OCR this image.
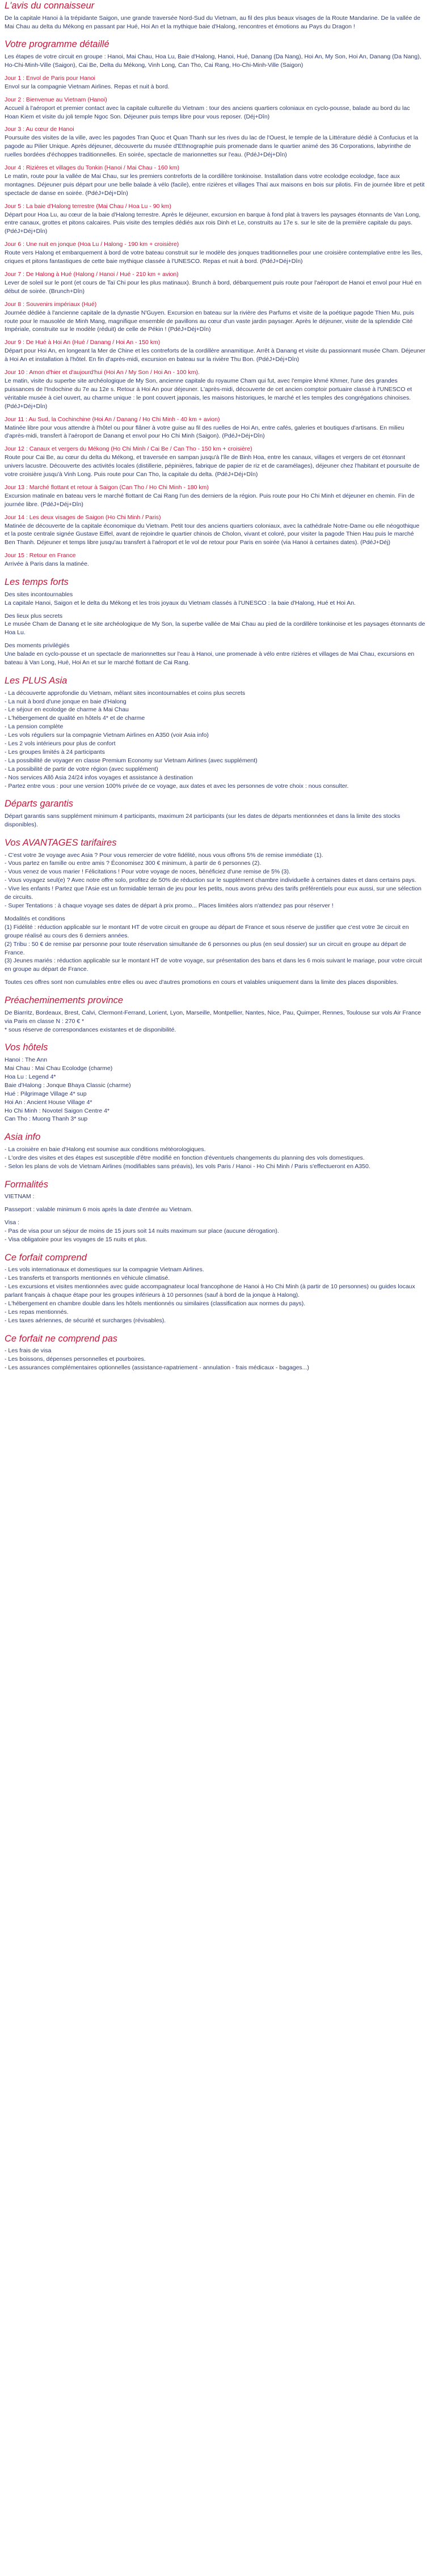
L'avis du connaisseur

De la capitale Hanoi à la trépidante Saigon, une grande traversée Nord-Sud du Vietnam, au fil des plus beaux visages de la Route Mandarine. De la vallée de Mai Chau au delta du Mékong en passant par Hué, Hoi An et la mythique baie d'Halong, rencontres et émotions au Pays du Dragon !

Votre programme détaillé

Les étapes de votre circuit en groupe : Hanoi, Mai Chau, Hoa Lu, Baie d'Halong, Hanoi, Hué, Danang (Da Nang), Hoi An, My Son, Hoi An, Danang (Da Nang), Ho-Chi-Minh-Ville (Saigon), Cai Be, Delta du Mékong, Vinh Long, Can Tho, Cai Rang, Ho-Chi-Minh-Ville (Saigon)

Jour 1 : Envol de Paris pour Hanoi
Envol sur la compagnie Vietnam Airlines. Repas et nuit à bord.
Jour 2 : Bienvenue au Vietnam (Hanoi)
Accueil à l'aéroport et premier contact avec la capitale culturelle du Vietnam : tour des anciens quartiers coloniaux en cyclo-pousse, balade au bord du lac Hoan Kiem et visite du joli temple Ngoc Son. Déjeuner puis temps libre pour vous reposer. (Déj+Dîn)
Jour 3 : Au cœur de Hanoi
Poursuite des visites de la ville, avec les pagodes Tran Quoc et Quan Thanh sur les rives du lac de l'Ouest, le temple de la Littérature dédié à Confucius et la pagode au Pilier Unique. Après déjeuner, découverte du musée d'Ethnographie puis promenade dans le quartier animé des 36 Corporations, labyrinthe de ruelles bordées d'échoppes traditionnelles. En soirée, spectacle de marionnettes sur l'eau. (PdéJ+Déj+Dîn)
Jour 4 : Rizières et villages du Tonkin (Hanoi / Mai Chau - 160 km)
Le matin, route pour la vallée de Mai Chau, sur les premiers contreforts de la cordillère tonkinoise. Installation dans votre ecolodge ecolodge, face aux montagnes. Déjeuner puis départ pour une belle balade à vélo (facile), entre rizières et villages Thaï aux maisons en bois sur pilotis. Fin de journée libre et petit spectacle de danse en soirée. (PdéJ+Déj+Dîn)
Jour 5 : La baie d'Halong terrestre (Mai Chau / Hoa Lu - 90 km)
Départ pour Hoa Lu, au cœur de la baie d'Halong terrestre. Après le déjeuner, excursion en barque à fond plat à travers les paysages étonnants de Van Long, entre canaux, grottes et pitons calcaires. Puis visite des temples dédiés aux rois Dinh et Le, construits au 17e s. sur le site de la première capitale du pays. (PdéJ+Déj+Dîn)
Jour 6 : Une nuit en jonque (Hoa Lu / Halong - 190 km + croisière)
Route vers Halong et embarquement à bord de votre bateau construit sur le modèle des jonques traditionnelles pour une croisière contemplative entre les îles, criques et pitons fantastiques de cette baie mythique classée à l'UNESCO. Repas et nuit à bord. (PdéJ+Déj+Dîn)
Jour 7 : De Halong à Hué (Halong / Hanoi / Hué - 210 km + avion)
Lever de soleil sur le pont (et cours de Taï Chi pour les plus matinaux). Brunch à bord, débarquement puis route pour l'aéroport de Hanoi et envol pour Hué en début de soirée. (Brunch+Dîn)
Jour 8 : Souvenirs impériaux (Hué)
Journée dédiée à l'ancienne capitale de la dynastie N'Guyen. Excursion en bateau sur la rivière des Parfums et visite de la poétique pagode Thien Mu, puis route pour le mausolée de Minh Mang, magnifique ensemble de pavillons au cœur d'un vaste jardin paysager. Après le déjeuner, visite de la splendide Cité Impériale, construite sur le modèle (réduit) de celle de Pékin ! (PdéJ+Déj+Dîn)
Jour 9 : De Hué à Hoi An (Hué / Danang / Hoi An - 150 km)
Départ pour Hoi An, en longeant la Mer de Chine et les contreforts de la cordillère annamitique. Arrêt à Danang et visite du passionnant musée Cham. Déjeuner à Hoi An et installation à l'hôtel. En fin d'après-midi, excursion en bateau sur la rivière Thu Bon. (PdéJ+Déj+Dîn)
Jour 10 : Amon d'hier et d'aujourd'hui (Hoi An / My Son / Hoi An - 100 km).
Le matin, visite du superbe site archéologique de My Son, ancienne capitale du royaume Cham qui fut, avec l'empire khmé Khmer, l'une des grandes puissances de l'Indochine du 7e au 12e s. Retour à Hoi An pour déjeuner. L'après-midi, découverte de cet ancien comptoir portuaire classé à l'UNESCO et véritable musée à ciel ouvert, au charme unique : le pont couvert japonais, les maisons historiques, le marché et les temples des congrégations chinoises. (PdéJ+Déj+Dîn)
Jour 11 : Au Sud, la Cochinchine (Hoi An / Danang / Ho Chi Minh - 40 km + avion)
Matinée libre pour vous attendre à l'hôtel ou pour flâner à votre guise au fil des ruelles de Hoi An, entre cafés, galeries et boutiques d'artisans. En milieu d'après-midi, transfert à l'aéroport de Danang et envol pour Ho Chi Minh (Saigon). (PdéJ+Déj+Dîn)
Jour 12 : Canaux et vergers du Mékong (Ho Chi Minh / Cai Be / Can Tho - 150 km + croisière)
Route pour Cai Be, au cœur du delta du Mékong, et traversée en sampan jusqu'à l'île de Binh Hoa, entre les canaux, villages et vergers de cet étonnant univers lacustre. Découverte des activités locales (distillerie, pépinières, fabrique de papier de riz et de caramélages), déjeuner chez l'habitant et poursuite de votre croisière jusqu'à Vinh Long. Puis route pour Can Tho, la capitale du delta. (PdéJ+Déj+Dîn)
Jour 13 : Marché flottant et retour à Saigon (Can Tho / Ho Chi Minh - 180 km)
Excursion matinale en bateau vers le marché flottant de Cai Rang l'un des derniers de la région. Puis route pour Ho Chi Minh et déjeuner en chemin. Fin de journée libre. (PdéJ+Déj+Dîn)
Jour 14 : Les deux visages de Saigon (Ho Chi Minh / Paris)
Matinée de découverte de la capitale économique du Vietnam. Petit tour des anciens quartiers coloniaux, avec la cathédrale Notre-Dame ou elle néogothique et la poste centrale signée Gustave Eiffel, avant de rejoindre le quartier chinois de Cholon, vivant et coloré, pour visiter la pagode Thien Hau puis le marché Ben Thanh. Déjeuner et temps libre jusqu'au transfert à l'aéroport et le vol de retour pour Paris en soirée (via Hanoi à certaines dates). (PdéJ+Déj)
Jour 15 : Retour en France
Arrivée à Paris dans la matinée.
Les temps forts
Des sites incontournables
La capitale Hanoi, Saigon et le delta du Mékong et les trois joyaux du Vietnam classés à l'UNESCO : la baie d'Halong, Hué et Hoi An.
Des lieux plus secrets
Le musée Cham de Danang et le site archéologique de My Son, la superbe vallée de Mai Chau au pied de la cordillère tonkinoise et les paysages étonnants de Hoa Lu.
Des moments privilégiés
Une balade en cyclo-pousse et un spectacle de marionnettes sur l'eau à Hanoi, une promenade à vélo entre rizières et villages de Mai Chau, excursions en bateau à Van Long, Hué, Hoi An et sur le marché flottant de Cai Rang.
Les PLUS Asia
- La découverte approfondie du Vietnam, mêlant sites incontournables et coins plus secrets
- La nuit à bord d'une jonque en baie d'Halong
- Le séjour en ecolodge de charme à Mai Chau
- L'hébergement de qualité en hôtels 4* et de charme
- La pension complète
- Les vols réguliers sur la compagnie Vietnam Airlines en A350 (voir Asia info)
- Les 2 vols intérieurs pour plus de confort
- Les groupes limités à 24 participants
- La possibilité de voyager en classe Premium Economy sur Vietnam Airlines (avec supplément)
- La possibilité de partir de votre région (avec supplément)
- Nos services Allô Asia 24/24 infos voyages et assistance à destination
- Partez entre vous : pour une version 100% privée de ce voyage, aux dates et avec les personnes de votre choix : nous consulter.
Départs garantis

Départ garantis sans supplément minimum 4 participants, maximum 24 participants (sur les dates de départs mentionnées et dans la limite des stocks disponibles).

Vos AVANTAGES tarifaires
- C'est votre 3e voyage avec Asia ? Pour vous remercier de votre fidélité, nous vous offrons 5% de remise immédiate (1).
- Vous partez en famille ou entre amis ? Économisez 300 € minimum, à partir de 6 personnes (2).
- Vous venez de vous marier ! Félicitations ! Pour votre voyage de noces, bénéficiez d'une remise de 5% (3).
- Vous voyagez seul(e) ? Avec notre offre solo, profitez de 50% de réduction sur le supplément chambre individuelle à certaines dates et dans certains pays.
- Vive les enfants ! Partez que l'Asie est un formidable terrain de jeu pour les petits, nous avons prévu des tarifs préférentiels pour eux aussi, sur une sélection de circuits.
- Super Tentations : à chaque voyage ses dates de départ à prix promo... Places limitées alors n'attendez pas pour réserver !
Modalités et conditions
(1) Fidélité : réduction applicable sur le montant HT de votre circuit en groupe au départ de France et sous réserve de justifier que c'est votre 3e circuit en groupe réalisé au cours des 6 derniers années.
(2) Tribu : 50 € de remise par personne pour toute réservation simultanée de 6 personnes ou plus (en seul dossier) sur un circuit en groupe au départ de France.
(3) Jeunes mariés : réduction applicable sur le montant HT de votre voyage, sur présentation des bans et dans les 6 mois suivant le mariage, pour votre circuit en groupe au départ de France.

Toutes ces offres sont non cumulables entre elles ou avec d'autres promotions en cours et valables uniquement dans la limite des places disponibles.

Préacheminements province
De Biarritz, Bordeaux, Brest, Calvi, Clermont-Ferrand, Lorient, Lyon, Marseille, Montpellier, Nantes, Nice, Pau, Quimper, Rennes, Toulouse sur vols Air France via Paris en classe N : 270 € *
* sous réserve de correspondances existantes et de disponibilité.
Vos hôtels
Hanoi : The Ann
Mai Chau : Mai Chau Ecolodge (charme)
Hoa Lu : Legend 4*
Baie d'Halong : Jonque Bhaya Classic (charme)
Hué : Pilgrimage Village 4* sup
Hoi An : Ancient House Village 4*
Ho Chi Minh : Novotel Saigon Centre 4*
Can Tho : Muong Thanh 3* sup
Asia info
- La croisière en baie d'Halong est soumise aux conditions météorologiques.
- L'ordre des visites et des étapes est susceptible d'être modifié en fonction d'éventuels changements du planning des vols domestiques.
- Selon les plans de vols de Vietnam Airlines (modifiables sans préavis), les vols Paris / Hanoi - Ho Chi Minh / Paris s'effectueront en A350.
Formalités
VIETNAM :
Passeport : valable minimum 6 mois après la date d'entrée au Vietnam.
Visa :
- Pas de visa pour un séjour de moins de 15 jours soit 14 nuits maximum sur place (aucune dérogation).
- Visa obligatoire pour les voyages de 15 nuits et plus.
Ce forfait comprend
- Les vols internationaux et domestiques sur la compagnie Vietnam Airlines.
- Les transferts et transports mentionnés en véhicule climatisé.
- Les excursions et visites mentionnées avec guide accompagnateur local francophone de Hanoi à Ho Chi Minh (à partir de 10 personnes) ou guides locaux parlant français à chaque étape pour les groupes inférieurs à 10 personnes (sauf à bord de la jonque à Halong).
- L'hébergement en chambre double dans les hôtels mentionnés ou similaires (classification aux normes du pays).
- Les repas mentionnés.
- Les taxes aériennes, de sécurité et surcharges (révisables).
Ce forfait ne comprend pas
- Les frais de visa
- Les boissons, dépenses personnelles et pourboires.
- Les assurances complémentaires optionnelles (assistance-rapatriement - annulation - frais médicaux - bagages...)
